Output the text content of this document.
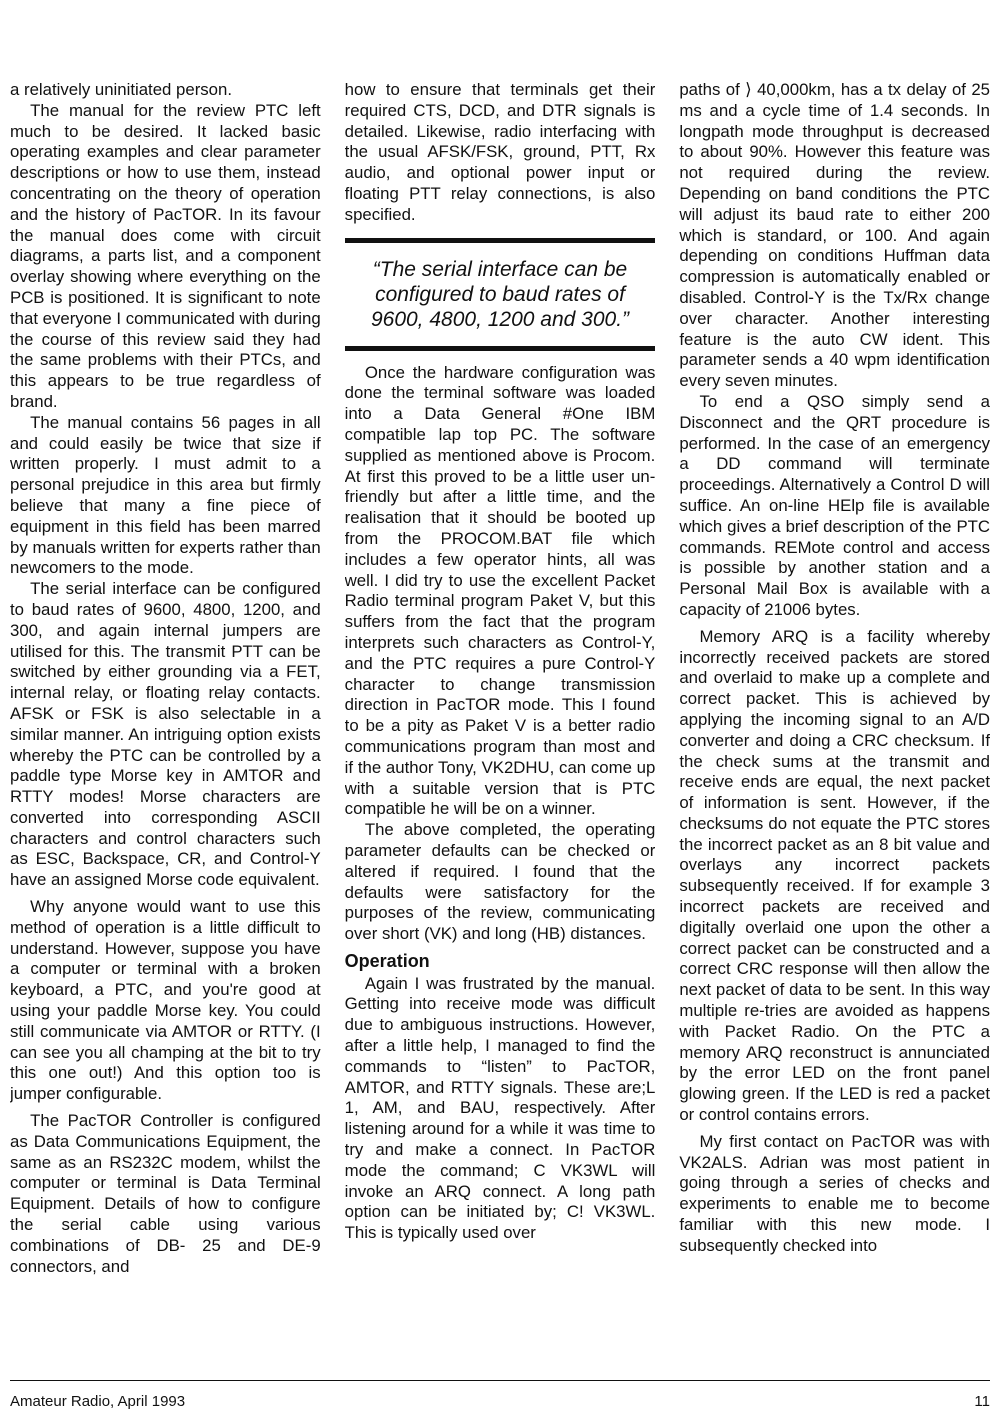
a relatively uninitiated person.

The manual for the review PTC left much to be desired. It lacked basic operating examples and clear parameter descriptions or how to use them, instead concentrating on the theory of operation and the history of PacTOR. In its favour the manual does come with circuit diagrams, a parts list, and a component overlay showing where everything on the PCB is positioned. It is significant to note that everyone I communicated with during the course of this review said they had the same problems with their PTCs, and this appears to be true regardless of brand.

The manual contains 56 pages in all and could easily be twice that size if written properly. I must admit to a personal prejudice in this area but firmly believe that many a fine piece of equipment in this field has been marred by manuals written for experts rather than newcomers to the mode.

The serial interface can be configured to baud rates of 9600, 4800, 1200, and 300, and again internal jumpers are utilised for this. The transmit PTT can be switched by either grounding via a FET, internal relay, or floating relay contacts. AFSK or FSK is also selectable in a similar manner. An intriguing option exists whereby the PTC can be controlled by a paddle type Morse key in AMTOR and RTTY modes! Morse characters are converted into corresponding ASCII characters and control characters such as ESC, Backspace, CR, and Control-Y have an assigned Morse code equivalent.

Why anyone would want to use this method of operation is a little difficult to understand. However, suppose you have a computer or terminal with a broken keyboard, a PTC, and you're good at using your paddle Morse key. You could still communicate via AMTOR or RTTY. (I can see you all champing at the bit to try this one out!) And this option too is jumper configurable.

The PacTOR Controller is configured as Data Communications Equipment, the same as an RS232C modem, whilst the computer or terminal is Data Terminal Equipment. Details of how to configure the serial cable using various combinations of DB- 25 and DE-9 connectors, and

how to ensure that terminals get their required CTS, DCD, and DTR signals is detailed. Likewise, radio interfacing with the usual AFSK/FSK, ground, PTT, Rx audio, and optional power input or floating PTT relay connections, is also specified.

“The serial interface can be configured to baud rates of 9600, 4800, 1200 and 300.”

Once the hardware configuration was done the terminal software was loaded into a Data General #One IBM compatible lap top PC. The software supplied as mentioned above is Procom. At first this proved to be a little user un-friendly but after a little time, and the realisation that it should be booted up from the PROCOM.BAT file which includes a few operator hints, all was well. I did try to use the excellent Packet Radio terminal program Paket V, but this suffers from the fact that the program interprets such characters as Control-Y, and the PTC requires a pure Control-Y character to change transmission direction in PacTOR mode. This I found to be a pity as Paket V is a better radio communications program than most and if the author Tony, VK2DHU, can come up with a suitable version that is PTC compatible he will be on a winner.

The above completed, the operating parameter defaults can be checked or altered if required. I found that the defaults were satisfactory for the purposes of the review, communicating over short (VK) and long (HB) distances.

Operation

Again I was frustrated by the manual. Getting into receive mode was difficult due to ambiguous instructions. However, after a little help, I managed to find the commands to “listen” to PacTOR, AMTOR, and RTTY signals. These are;L 1, AM, and BAU, respectively. After listening around for a while it was time to try and make a connect. In PacTOR mode the command; C VK3WL will invoke an ARQ connect. A long path option can be initiated by; C! VK3WL. This is typically used over

paths of ⟩ 40,000km, has a tx delay of 25 ms and a cycle time of 1.4 seconds. In longpath mode throughput is decreased to about 90%. However this feature was not required during the review. Depending on band conditions the PTC will adjust its baud rate to either 200 which is standard, or 100. And again depending on conditions Huffman data compression is automatically enabled or disabled. Control-Y is the Tx/Rx change over character. Another interesting feature is the auto CW ident. This parameter sends a 40 wpm identification every seven minutes.

To end a QSO simply send a Disconnect and the QRT procedure is performed. In the case of an emergency a DD command will terminate proceedings. Alternatively a Control D will suffice. An on-line HElp file is available which gives a brief description of the PTC commands. REMote control and access is possible by another station and a Personal Mail Box is available with a capacity of 21006 bytes.

Memory ARQ is a facility whereby incorrectly received packets are stored and overlaid to make up a complete and correct packet. This is achieved by applying the incoming signal to an A/D converter and doing a CRC checksum. If the check sums at the transmit and receive ends are equal, the next packet of information is sent. However, if the checksums do not equate the PTC stores the incorrect packet as an 8 bit value and overlays any incorrect packets subsequently received. If for example 3 incorrect packets are received and digitally overlaid one upon the other a correct packet can be constructed and a correct CRC response will then allow the next packet of data to be sent. In this way multiple re-tries are avoided as happens with Packet Radio. On the PTC a memory ARQ reconstruct is annunciated by the error LED on the front panel glowing green. If the LED is red a packet or control contains errors.

My first contact on PacTOR was with VK2ALS. Adrian was most patient in going through a series of checks and experiments to enable me to become familiar with this new mode. I subsequently checked into

Amateur Radio, April 1993	11
